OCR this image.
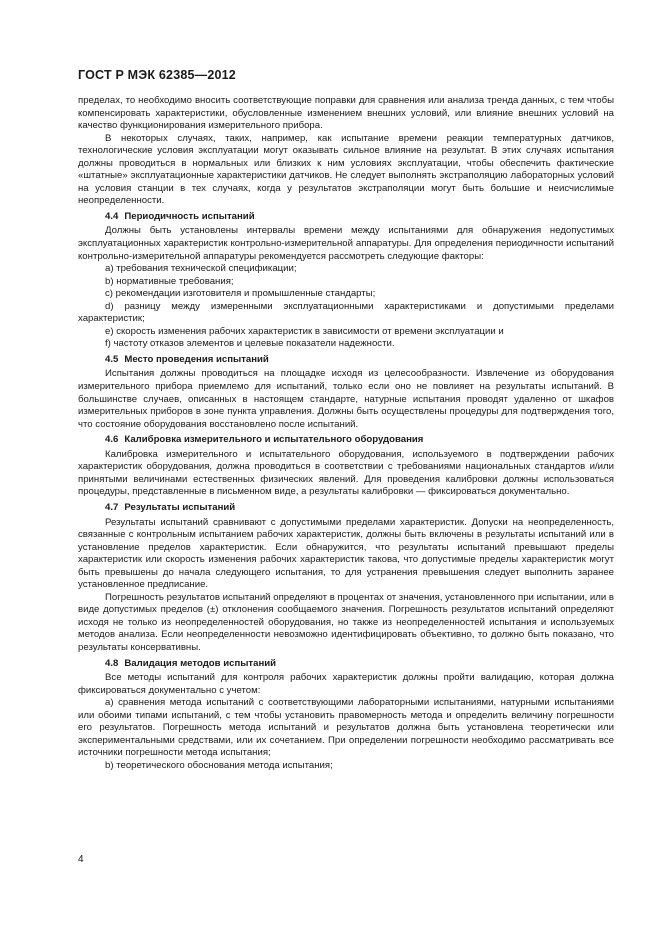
ГОСТ Р МЭК 62385—2012

пределах, то необходимо вносить соответствующие поправки для сравнения или анализа тренда данных, с тем чтобы компенсировать характеристики, обусловленные изменением внешних условий, или влияние внешних условий на качество функционирования измерительного прибора.

В некоторых случаях, таких, например, как испытание времени реакции температурных датчиков, технологические условия эксплуатации могут оказывать сильное влияние на результат. В этих случаях испытания должны проводиться в нормальных или близких к ним условиях эксплуатации, чтобы обеспечить фактические «штатные» эксплуатационные характеристики датчиков. Не следует выполнять экстраполяцию лабораторных условий на условия станции в тех случаях, когда у результатов экстраполяции могут быть большие и неисчислимые неопределенности.

4.4 Периодичность испытаний

Должны быть установлены интервалы времени между испытаниями для обнаружения недопустимых эксплуатационных характеристик контрольно-измерительной аппаратуры. Для определения периодичности испытаний контрольно-измерительной аппаратуры рекомендуется рассмотреть следующие факторы:

a) требования технической спецификации;

b) нормативные требования;

c) рекомендации изготовителя и промышленные стандарты;

d) разницу между измеренными эксплуатационными характеристиками и допустимыми пределами характеристик;

e) скорость изменения рабочих характеристик в зависимости от времени эксплуатации и

f) частоту отказов элементов и целевые показатели надежности.

4.5 Место проведения испытаний

Испытания должны проводиться на площадке исходя из целесообразности. Извлечение из оборудования измерительного прибора приемлемо для испытаний, только если оно не повлияет на результаты испытаний. В большинстве случаев, описанных в настоящем стандарте, натурные испытания проводят удаленно от шкафов измерительных приборов в зоне пункта управления. Должны быть осуществлены процедуры для подтверждения того, что состояние оборудования восстановлено после испытаний.

4.6 Калибровка измерительного и испытательного оборудования

Калибровка измерительного и испытательного оборудования, используемого в подтверждении рабочих характеристик оборудования, должна проводиться в соответствии с требованиями национальных стандартов и/или принятыми величинами естественных физических явлений. Для проведения калибровки должны использоваться процедуры, представленные в письменном виде, а результаты калибровки — фиксироваться документально.

4.7 Результаты испытаний

Результаты испытаний сравнивают с допустимыми пределами характеристик. Допуски на неопределенность, связанные с контрольным испытанием рабочих характеристик, должны быть включены в результаты испытаний или в установление пределов характеристик. Если обнаружится, что результаты испытаний превышают пределы характеристик или скорость изменения рабочих характеристик такова, что допустимые пределы характеристик могут быть превышены до начала следующего испытания, то для устранения превышения следует выполнить заранее установленное предписание.

Погрешность результатов испытаний определяют в процентах от значения, установленного при испытании, или в виде допустимых пределов (±) отклонения сообщаемого значения. Погрешность результатов испытаний определяют исходя не только из неопределенностей оборудования, но также из неопределенностей испытания и используемых методов анализа. Если неопределенности невозможно идентифицировать объективно, то должно быть показано, что результаты консервативны.

4.8 Валидация методов испытаний

Все методы испытаний для контроля рабочих характеристик должны пройти валидацию, которая должна фиксироваться документально с учетом:

a) сравнения метода испытаний с соответствующими лабораторными испытаниями, натурными испытаниями или обоими типами испытаний, с тем чтобы установить правомерность метода и определить величину погрешности его результатов. Погрешность метода испытаний и результатов должна быть установлена теоретически или экспериментальными средствами, или их сочетанием. При определении погрешности необходимо рассматривать все источники погрешности метода испытания;

b) теоретического обоснования метода испытания;

4
